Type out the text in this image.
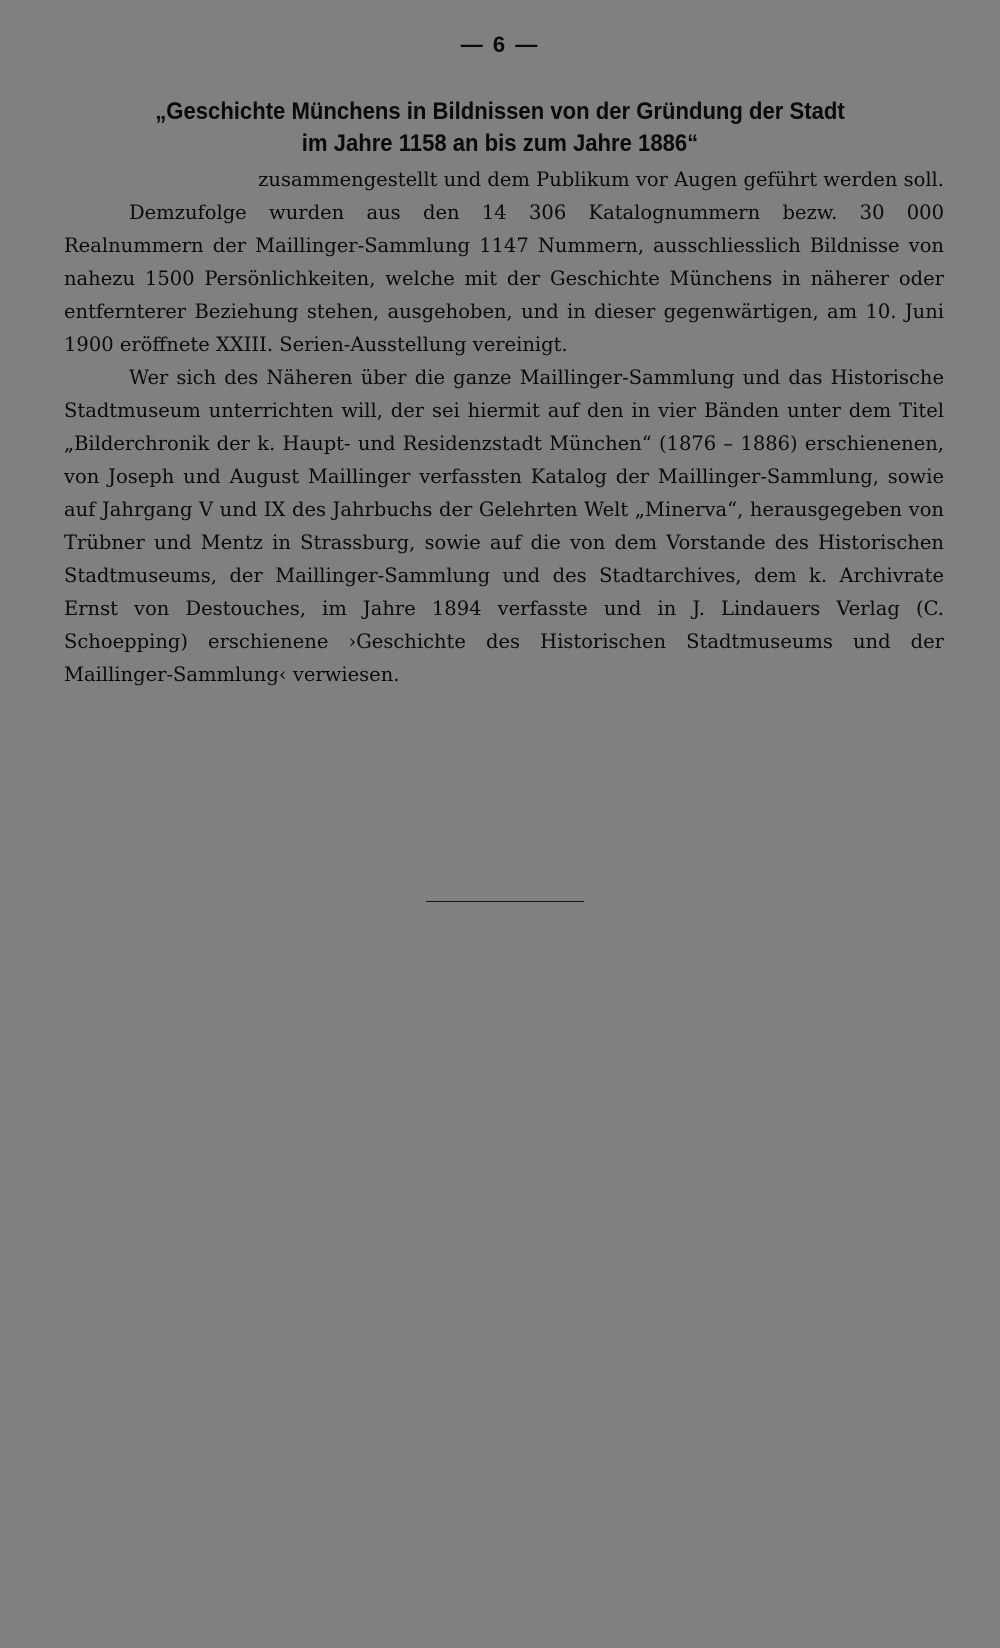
— 6 —
„Geschichte Münchens in Bildnissen von der Gründung der Stadt
im Jahre 1158 an bis zum Jahre 1886“

zusammengestellt und dem Publikum vor Augen geführt werden soll.

Demzufolge wurden aus den 14 306 Katalognummern bezw. 30 000 Realnummern der Maillinger-Sammlung 1147 Nummern, ausschliesslich Bildnisse von nahezu 1500 Persönlichkeiten, welche mit der Geschichte Münchens in näherer oder entfernterer Beziehung stehen, ausgehoben, und in dieser gegenwärtigen, am 10. Juni 1900 eröffnete XXIII. Serien-Ausstellung vereinigt.

Wer sich des Näheren über die ganze Maillinger-Sammlung und das Historische Stadtmuseum unterrichten will, der sei hiermit auf den in vier Bänden unter dem Titel „Bilderchronik der k. Haupt- und Residenzstadt München“ (1876 – 1886) erschienenen, von Joseph und August Maillinger verfassten Katalog der Maillinger-Sammlung, sowie auf Jahrgang V und IX des Jahrbuchs der Gelehrten Welt „Minerva“, herausgegeben von Trübner und Mentz in Strassburg, sowie auf die von dem Vorstande des Historischen Stadtmuseums, der Maillinger-Sammlung und des Stadtarchives, dem k. Archivrate Ernst von Destouches, im Jahre 1894 verfasste und in J. Lindauers Verlag (C. Schoepping) erschienene ›Geschichte des Historischen Stadtmuseums und der Maillinger-Sammlung‹ verwiesen.
